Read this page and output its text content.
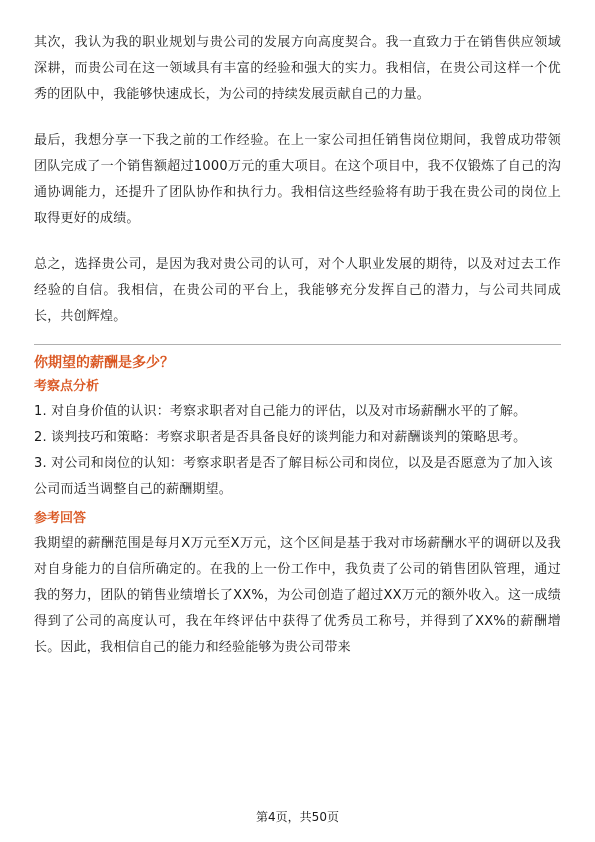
其次，我认为我的职业规划与贵公司的发展方向高度契合。我一直致力于在销售供应领域深耕，而贵公司在这一领域具有丰富的经验和强大的实力。我相信，在贵公司这样一个优秀的团队中，我能够快速成长，为公司的持续发展贡献自己的力量。

最后，我想分享一下我之前的工作经验。在上一家公司担任销售岗位期间，我曾成功带领团队完成了一个销售额超过1000万元的重大项目。在这个项目中，我不仅锻炼了自己的沟通协调能力，还提升了团队协作和执行力。我相信这些经验将有助于我在贵公司的岗位上取得更好的成绩。

总之，选择贵公司，是因为我对贵公司的认可，对个人职业发展的期待，以及对过去工作经验的自信。我相信，在贵公司的平台上，我能够充分发挥自己的潜力，与公司共同成长，共创辉煌。

你期望的薪酬是多少？
考察点分析
1. 对自身价值的认识：考察求职者对自己能力的评估，以及对市场薪酬水平的了解。
2. 谈判技巧和策略：考察求职者是否具备良好的谈判能力和对薪酬谈判的策略思考。
3. 对公司和岗位的认知：考察求职者是否了解目标公司和岗位，以及是否愿意为了加入该公司而适当调整自己的薪酬期望。
参考回答

我期望的薪酬范围是每月X万元至X万元，这个区间是基于我对市场薪酬水平的调研以及我对自身能力的自信所确定的。在我的上一份工作中，我负责了公司的销售团队管理，通过我的努力，团队的销售业绩增长了XX%，为公司创造了超过XX万元的额外收入。这一成绩得到了公司的高度认可，我在年终评估中获得了优秀员工称号，并得到了XX%的薪酬增长。因此，我相信自己的能力和经验能够为贵公司带来

第4页，共50页
